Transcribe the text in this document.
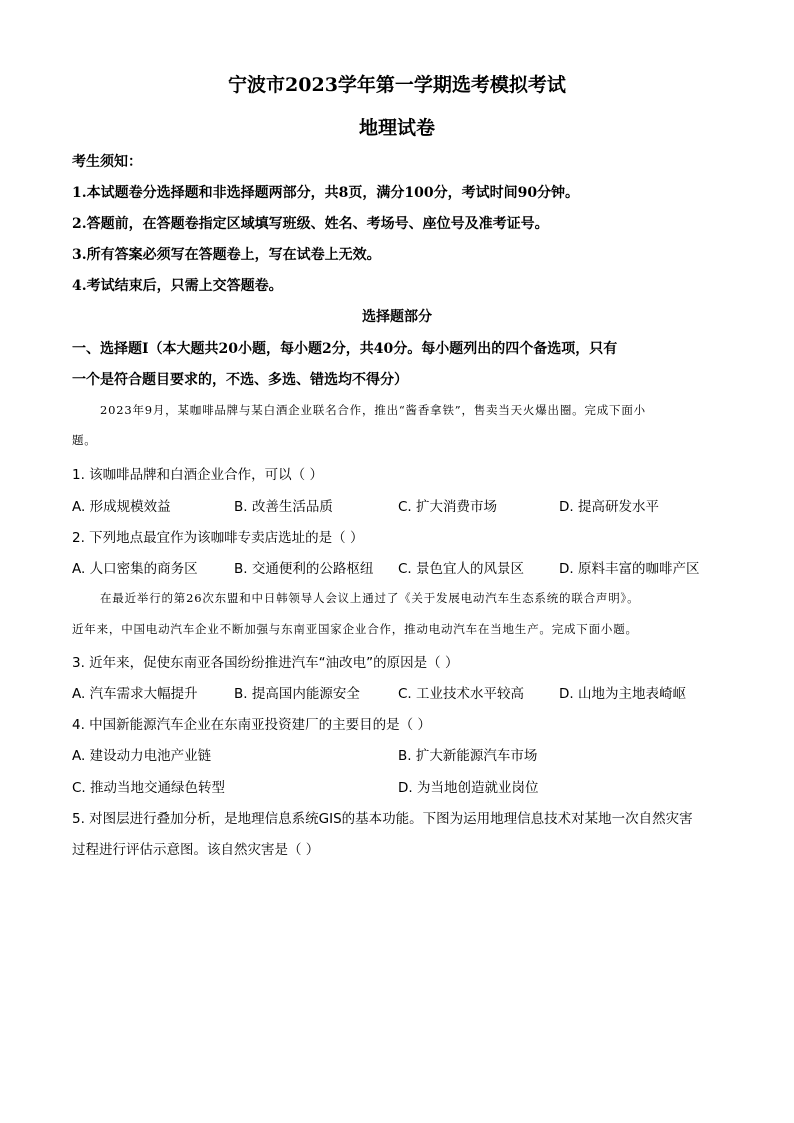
宁波市2023学年第一学期选考模拟考试
地理试卷
考生须知：
1.本试题卷分选择题和非选择题两部分，共8页，满分100分，考试时间90分钟。
2.答题前，在答题卷指定区域填写班级、姓名、考场号、座位号及准考证号。
3.所有答案必须写在答题卷上，写在试卷上无效。
4.考试结束后，只需上交答题卷。
选择题部分
一、选择题Ⅰ（本大题共20小题，每小题2分，共40分。每小题列出的四个备选项，只有
一个是符合题目要求的，不选、多选、错选均不得分）
2023年9月，某咖啡品牌与某白酒企业联名合作，推出“酱香拿铁”，售卖当天火爆出圈。完成下面小
题。
1. 该咖啡品牌和白酒企业合作，可以（ ）
A. 形成规模效益	B. 改善生活品质	C. 扩大消费市场	D. 提高研发水平
2. 下列地点最宜作为该咖啡专卖店选址的是（ ）
A. 人口密集的商务区	B. 交通便利的公路枢纽 C. 景色宜人的风景区	D. 原料丰富的咖啡产区
在最近举行的第26次东盟和中日韩领导人会议上通过了《关于发展电动汽车生态系统的联合声明》。
近年来，中国电动汽车企业不断加强与东南亚国家企业合作，推动电动汽车在当地生产。完成下面小题。
3. 近年来，促使东南亚各国纷纷推进汽车“油改电”的原因是（ ）
A. 汽车需求大幅提升	B. 提高国内能源安全	C. 工业技术水平较高	D. 山地为主地表崎岖
4. 中国新能源汽车企业在东南亚投资建厂的主要目的是（ ）
A. 建设动力电池产业链	B. 扩大新能源汽车市场
C. 推动当地交通绿色转型	D. 为当地创造就业岗位
5. 对图层进行叠加分析，是地理信息系统GIS的基本功能。下图为运用地理信息技术对某地一次自然灾害
过程进行评估示意图。该自然灾害是（ ）
